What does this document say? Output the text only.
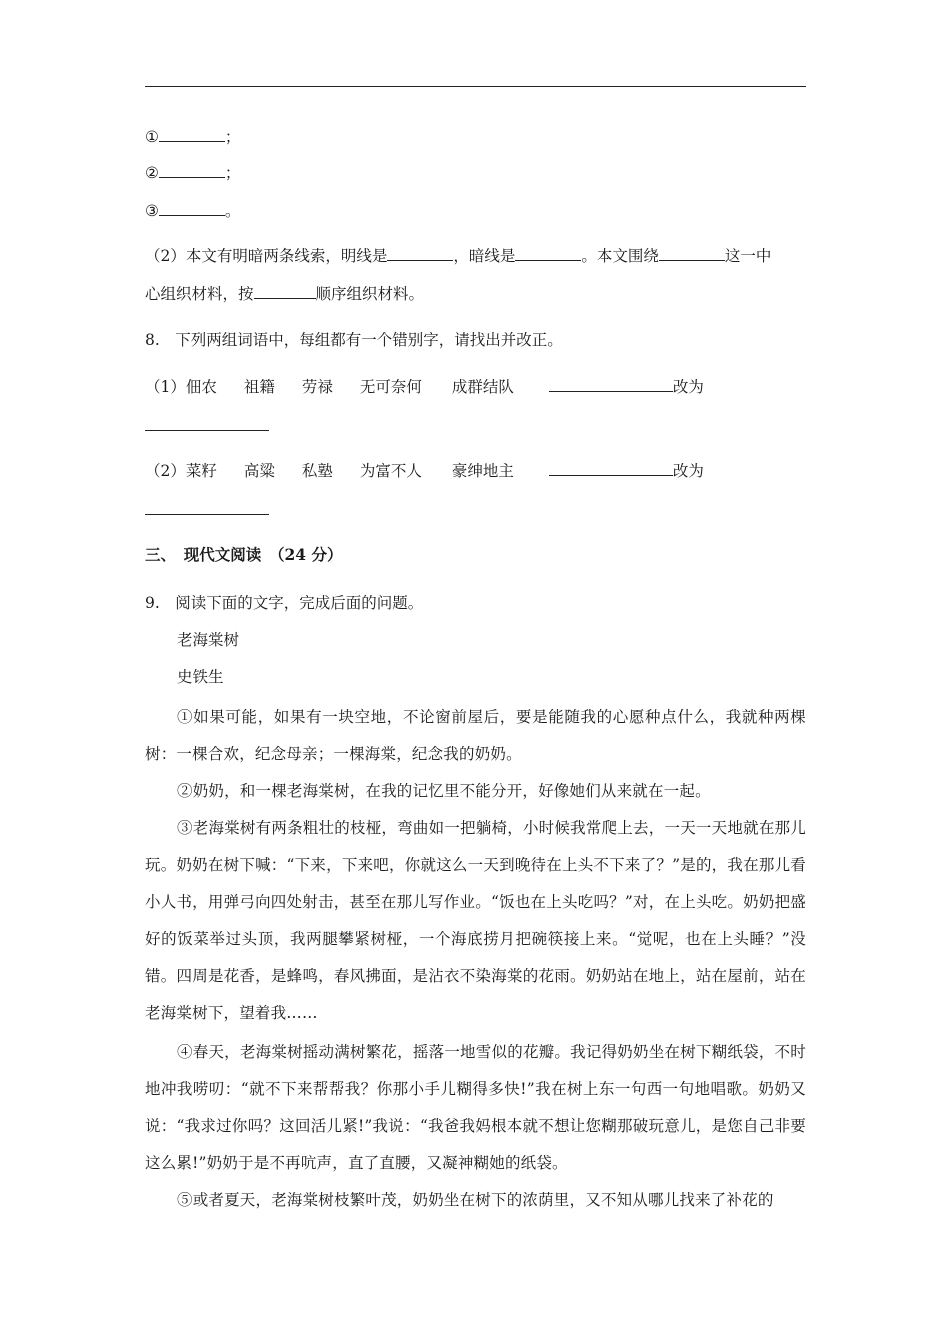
①	；
②	；
③	。
（2）本文有明暗两条线索，明线是	，暗线是	。本文围绕	这一中
心组织材料，按	顺序组织材料。
8.　下列两组词语中，每组都有一个错别字，请找出并改正。
（1）佃农 祖籍 劳禄 无可奈何 成群结队	改为
（2）菜籽 高粱 私塾 为富不人 豪绅地主	改为
三、　现代文阅读　（24 分）
9.　阅读下面的文字，完成后面的问题。
老海棠树
史铁生
①如果可能，如果有一块空地，不论窗前屋后，要是能随我的心愿种点什么，我就种两棵树：一棵合欢，纪念母亲；一棵海棠，纪念我的奶奶。
②奶奶，和一棵老海棠树，在我的记忆里不能分开，好像她们从来就在一起。
③老海棠树有两条粗壮的枝桠，弯曲如一把躺椅，小时候我常爬上去，一天一天地就在那儿玩。奶奶在树下喊：“下来，下来吧，你就这么一天到晚待在上头不下来了？”是的，我在那儿看小人书，用弹弓向四处射击，甚至在那儿写作业。“饭也在上头吃吗？”对，在上头吃。奶奶把盛好的饭菜举过头顶，我两腿攀紧树桠，一个海底捞月把碗筷接上来。“觉呢，也在上头睡？”没错。四周是花香，是蜂鸣，春风拂面，是沾衣不染海棠的花雨。奶奶站在地上，站在屋前，站在老海棠树下，望着我……
④春天，老海棠树摇动满树繁花，摇落一地雪似的花瓣。我记得奶奶坐在树下糊纸袋，不时地冲我唠叨：“就不下来帮帮我？你那小手儿糊得多快!”我在树上东一句西一句地唱歌。奶奶又说：“我求过你吗？这回活儿紧!”我说：“我爸我妈根本就不想让您糊那破玩意儿，是您自己非要这么累!”奶奶于是不再吭声，直了直腰，又凝神糊她的纸袋。
⑤或者夏天，老海棠树枝繁叶茂，奶奶坐在树下的浓荫里，又不知从哪儿找来了补花的
